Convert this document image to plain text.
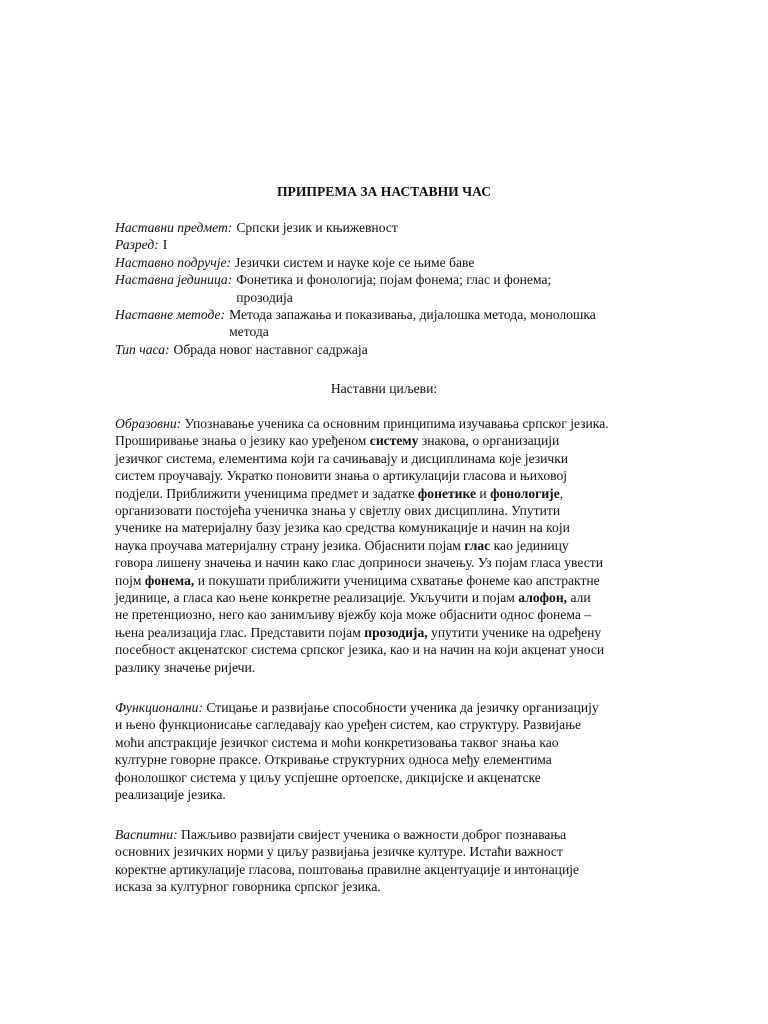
ПРИПРЕМА ЗА НАСТАВНИ ЧАС
Наставни предмет: Српски језик и књижевност
Разред: I
Наставно подручје: Језички систем и науке које се њиме баве
Наставна јединица: Фонетика и фонологија; појам фонема; глас и фонема;
прозодија
Наставне методе: Метода запажања и показивања, дијалошка метода, монолошка
метода
Тип часа: Обрада новог наставног садржаја
Наставни циљеви:
Образовни: Упознавање ученика са основним принципима изучавања српског језика.
Проширивање знања о језику као уређеном систему знакова, о организацији
језичког система, елементима који га сачињавају и дисциплинама које језички
систем проучавају. Укратко поновити знања о артикулацији гласова и њиховој
подјели. Приближити ученицима предмет и задатке фонетике и фонологије,
организовати постојећа ученичка знања у свјетлу ових дисциплина. Упутити
ученике на материјалну базу језика као средства комуникације и начин на који
наука проучава материјалну страну језика. Објаснити појам глас као јединицу
говора лишену значења и начин како глас доприноси значењу. Уз појам гласа увести
појм фонема, и покушати приближити ученицима схватање фонеме као апстрактне
јединице, а гласа као њене конкретне реализације. Укључити и појам алофон, али
не претенциозно, него као занимљиву вјежбу која може објаснити однос фонема –
њена реализација глас. Представити појам прозодија, упутити ученике на одређену
посебност акценатског система српског језика, као и на начин на који акценат уноси
разлику значење ријечи.
Функционални: Стицање и развијање способности ученика да језичку организацију
и њено функционисање сагледавају као уређен систем, као структуру. Развијање
моћи апстракције језичког система и моћи конкретизовања таквог знања као
културне говорне праксе. Откривање структурних односа међу елементима
фонолошког система у циљу успјешне ортоепске, дикцијске и акценатске
реализације језика.
Васпитни: Пажљиво развијати свијест ученика о важности доброг познавања
основних језичких норми у циљу развијања језичке културе. Истаћи важност
коректне артикулације гласова, поштовања правилне акцентуације и интонације
исказа за културног говорника српског језика.
